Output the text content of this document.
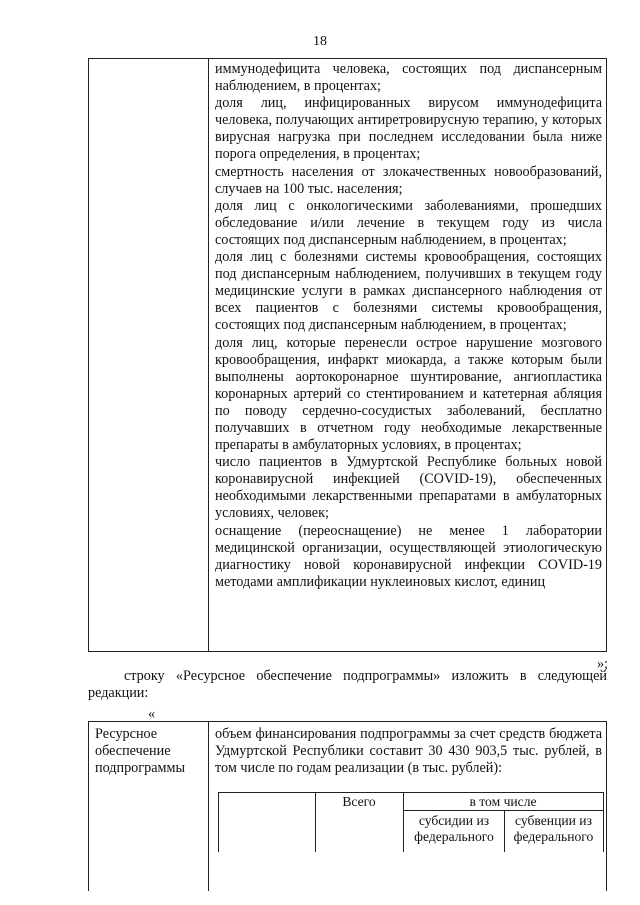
18

иммунодефицита человека, состоящих под диспансерным наблюдением, в процентах;

доля лиц, инфицированных вирусом иммунодефицита человека, получающих антиретровирусную терапию, у которых вирусная нагрузка при последнем исследовании была ниже порога определения, в процентах;

смертность населения от злокачественных новообразований, случаев на 100 тыс. населения;

доля лиц с онкологическими заболеваниями, прошедших обследование и/или лечение в текущем году из числа состоящих под диспансерным наблюдением, в процентах;

доля лиц с болезнями системы кровообращения, состоящих под диспансерным наблюдением, получивших в текущем году медицинские услуги в рамках диспансерного наблюдения от всех пациентов с болезнями системы кровообращения, состоящих под диспансерным наблюдением, в процентах;

доля лиц, которые перенесли острое нарушение мозгового кровообращения, инфаркт миокарда, а также которым были выполнены аортокоронарное шунтирование, ангиопластика коронарных артерий со стентированием и катетерная абляция по поводу сердечно-сосудистых заболеваний, бесплатно получавших в отчетном году необходимые лекарственные препараты в амбулаторных условиях, в процентах;

число пациентов в Удмуртской Республике больных новой коронавирусной инфекцией (COVID-19), обеспеченных необходимыми лекарственными препаратами в амбулаторных условиях, человек;

оснащение (переоснащение) не менее 1 лаборатории медицинской организации, осуществляющей этиологическую диагностику новой коронавирусной инфекции COVID-19 методами амплификации нуклеиновых кислот, единиц

»;
строку «Ресурсное обеспечение подпрограммы» изложить в следующей редакции:
«
Ресурсное обеспечение подпрограммы
объем финансирования подпрограммы за счет средств бюджета Удмуртской Республики составит 30 430 903,5 тыс. рублей, в том числе по годам реализации (в тыс. рублей):
Всего	в том числе
субсидии из федерального
субвенции из федерального
